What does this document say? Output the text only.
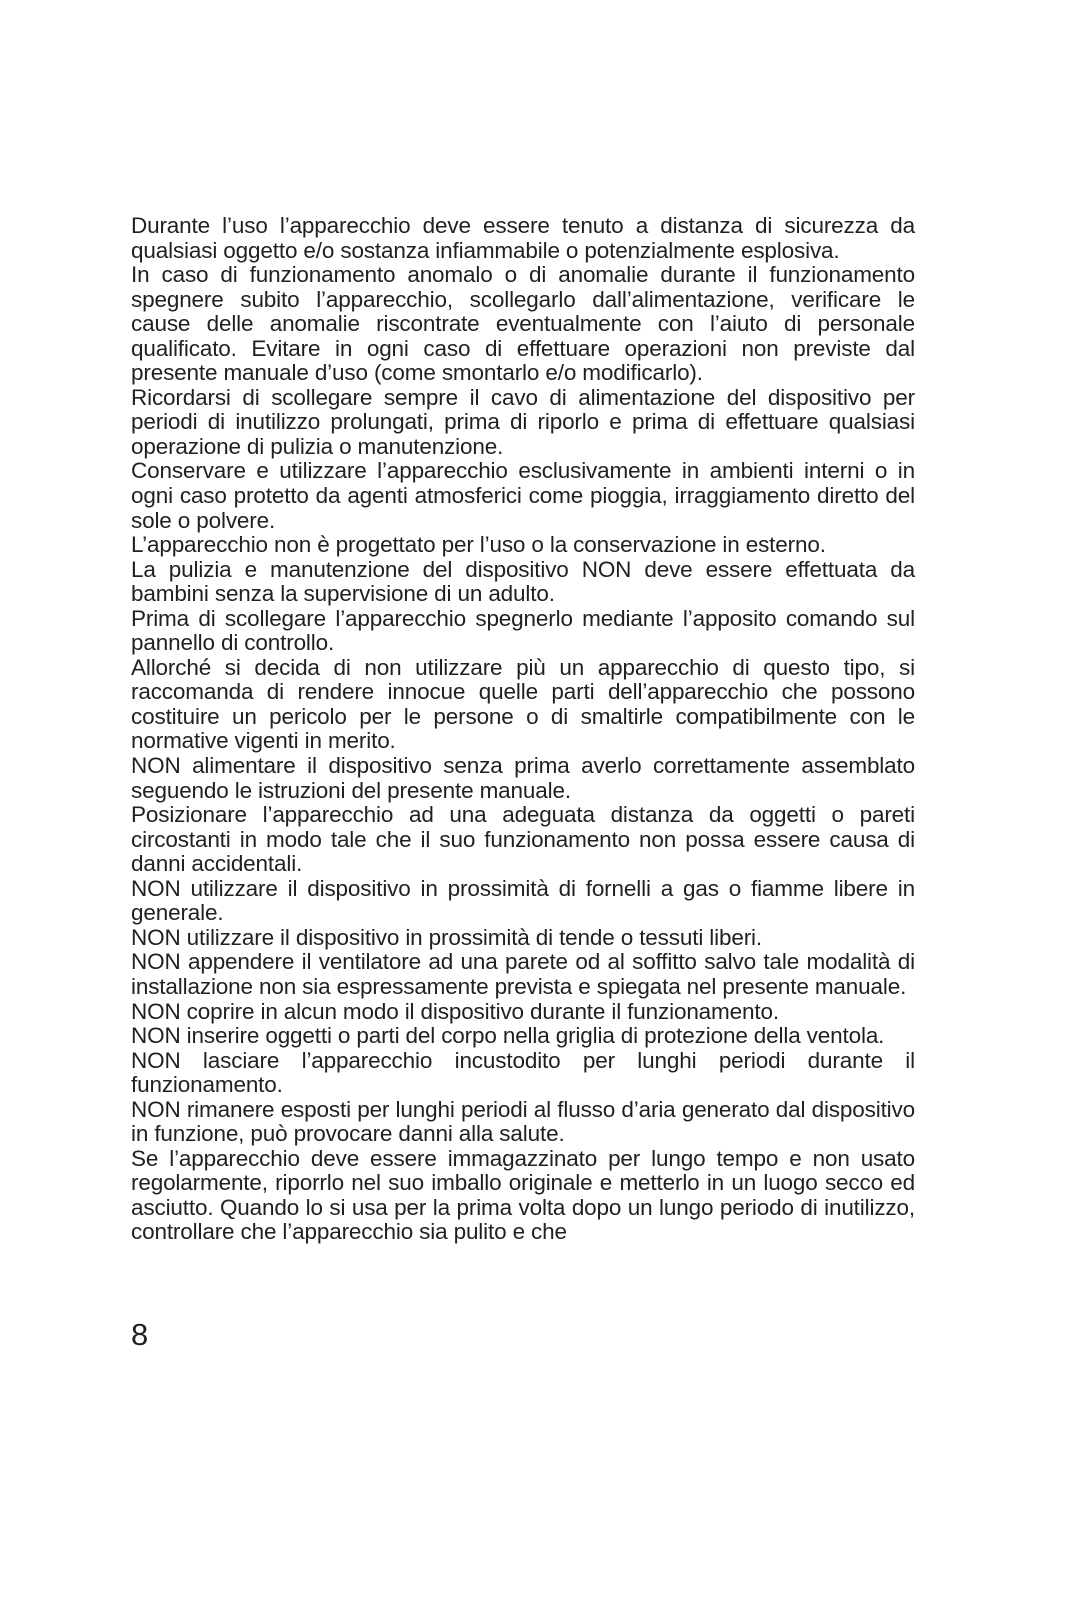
Durante l’uso l’apparecchio deve essere tenuto a distanza di sicurezza da qualsiasi oggetto e/o sostanza infiammabile o potenzialmente esplosiva.

In caso di funzionamento anomalo o di anomalie durante il funzionamento spegnere subito l’apparecchio, scollegarlo dall’alimentazione, verificare le cause delle anomalie riscontrate eventualmente con l’aiuto di personale qualificato. Evitare in ogni caso di effettuare operazioni non previste dal presente manuale d’uso (come smontarlo e/o modificarlo).

Ricordarsi di scollegare sempre il cavo di alimentazione del dispositivo per periodi di inutilizzo prolungati, prima di riporlo e prima di effettuare qualsiasi operazione di pulizia o manutenzione.

Conservare e utilizzare l’apparecchio esclusivamente in ambienti interni o in ogni caso protetto da agenti atmosferici come pioggia, irraggiamento diretto del sole o polvere.

L’apparecchio non è progettato per l’uso o la conservazione in esterno.

La pulizia e manutenzione del dispositivo NON deve essere effettuata da bambini senza la supervisione di un adulto.

Prima di scollegare l’apparecchio spegnerlo mediante l’apposito comando sul pannello di controllo.

Allorché si decida di non utilizzare più un apparecchio di questo tipo, si raccomanda di rendere innocue quelle parti dell’apparecchio che possono costituire un pericolo per le persone o di smaltirle compatibilmente con le normative vigenti in merito.

NON alimentare il dispositivo senza prima averlo correttamente assemblato seguendo le istruzioni del presente manuale.

Posizionare l’apparecchio ad una adeguata distanza da oggetti o pareti circostanti in modo tale che il suo funzionamento non possa essere causa di danni accidentali.

NON utilizzare il dispositivo in prossimità di fornelli a gas o fiamme libere in generale.

NON utilizzare il dispositivo in prossimità di tende o tessuti liberi.

NON appendere il ventilatore ad una parete od al soffitto salvo tale modalità di installazione non sia espressamente prevista e spiegata nel presente manuale.

NON coprire in alcun modo il dispositivo durante il funzionamento.

NON inserire oggetti o parti del corpo nella griglia di protezione della ventola.

NON lasciare l’apparecchio incustodito per lunghi periodi durante il funzionamento.

NON rimanere esposti per lunghi periodi al flusso d’aria generato dal dispositivo in funzione, può provocare danni alla salute.

Se l’apparecchio deve essere immagazzinato per lungo tempo e non usato regolarmente, riporrlo nel suo imballo originale e metterlo in un luogo secco ed asciutto. Quando lo si usa per la prima volta dopo un lungo periodo di inutilizzo, controllare che l’apparecchio sia pulito e che

8
